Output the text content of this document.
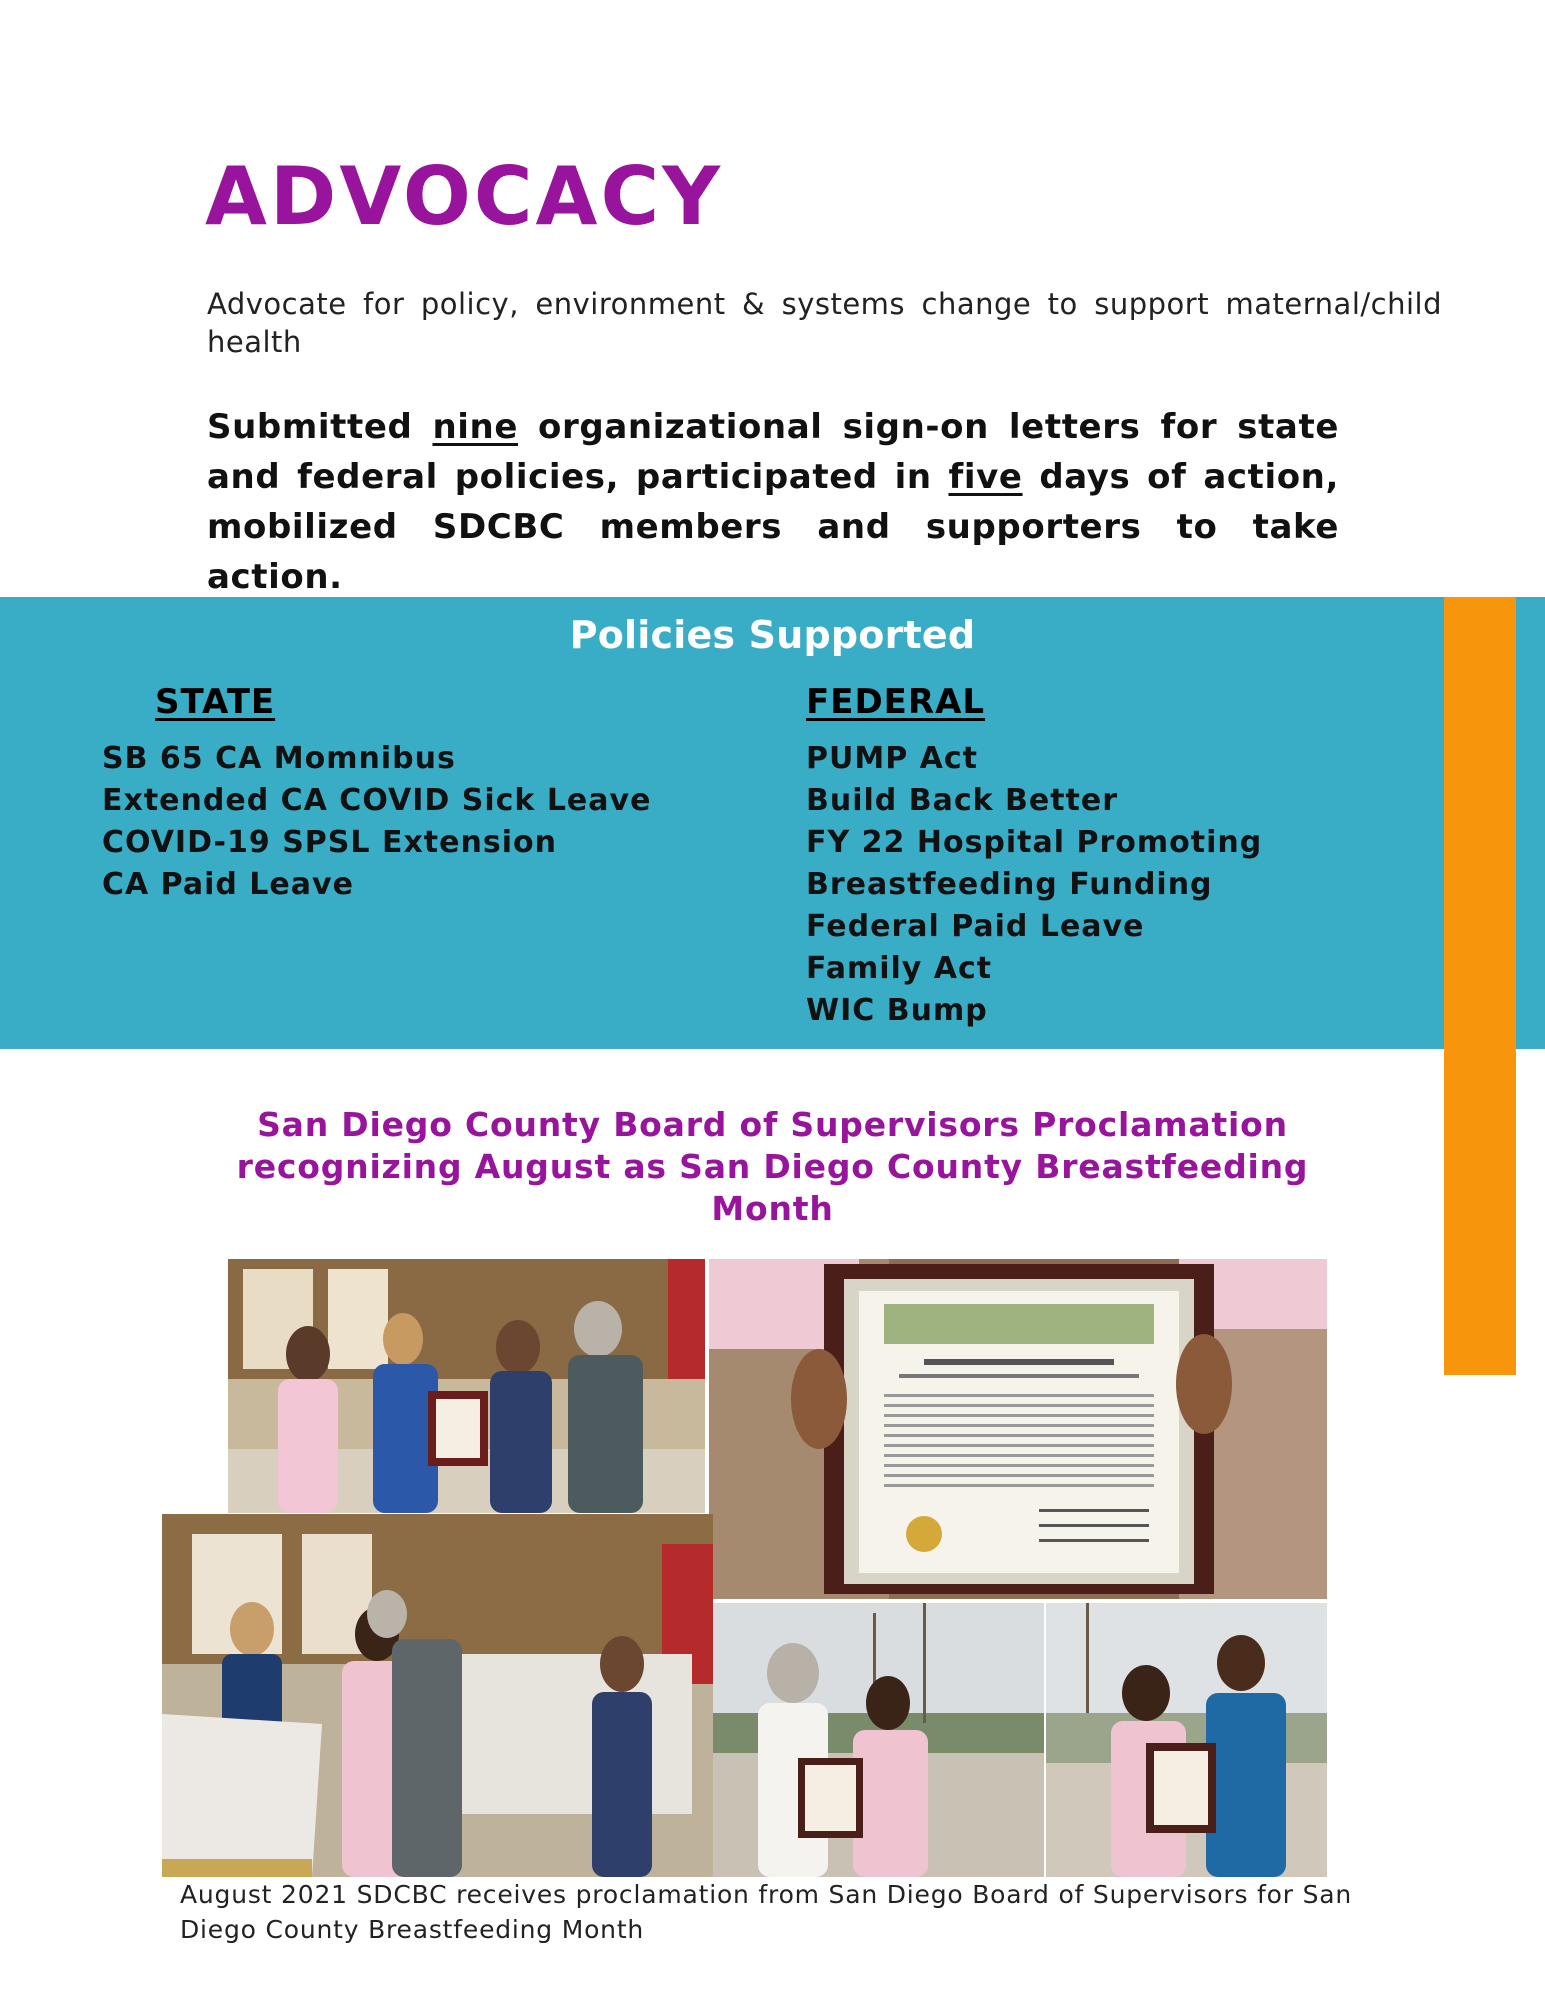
ADVOCACY
Advocate for policy, environment & systems change to support maternal/child health
Submitted nine organizational sign-on letters for state and federal policies, participated in five days of action, mobilized SDCBC members and supporters to take action.
Policies Supported
STATE
SB 65 CA Momnibus
Extended CA COVID Sick Leave
COVID-19 SPSL Extension
CA Paid Leave
FEDERAL
PUMP Act
Build Back Better
FY 22 Hospital Promoting
Breastfeeding Funding
Federal Paid Leave
Family Act
WIC Bump
San Diego County Board of Supervisors Proclamation recognizing August as San Diego County Breastfeeding Month
August 2021 SDCBC receives proclamation from San Diego Board of Supervisors for San Diego County Breastfeeding Month
